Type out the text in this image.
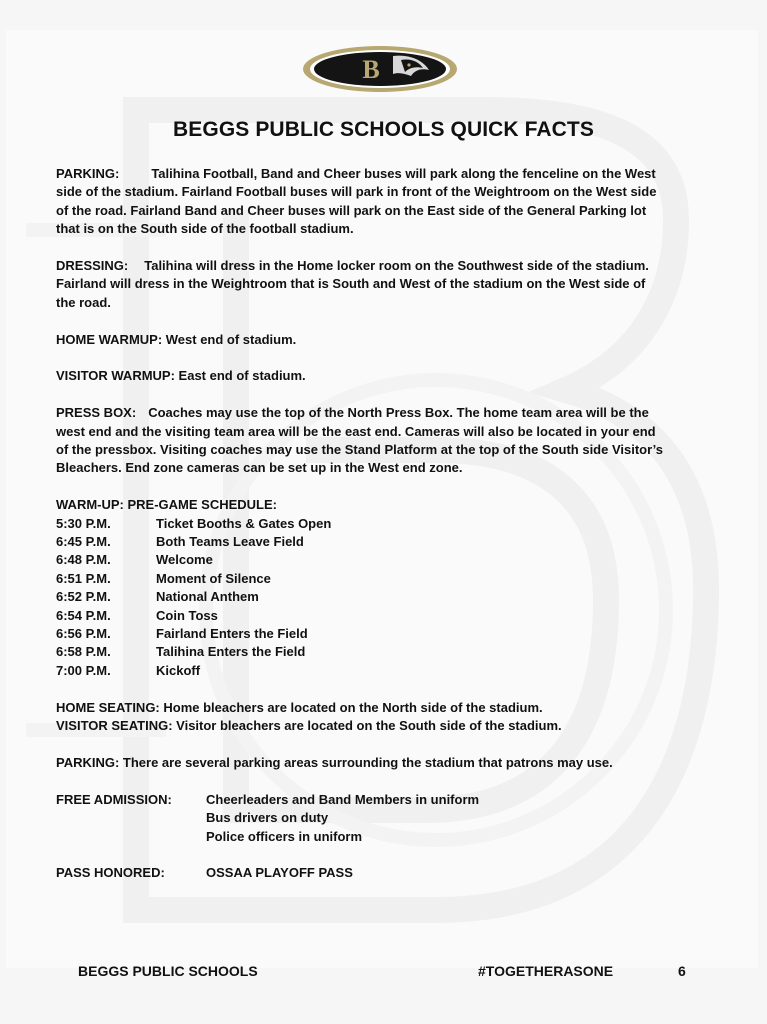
B
BEGGS PUBLIC SCHOOLS QUICK FACTS
PARKING: Talihina Football, Band and Cheer buses will park along the fenceline on the West
side of the stadium. Fairland Football buses will park in front of the Weightroom on the West side
of the road. Fairland Band and Cheer buses will park on the East side of the General Parking lot
that is on the South side of the football stadium.
DRESSING: Talihina will dress in the Home locker room on the Southwest side of the stadium.
Fairland will dress in the Weightroom that is South and West of the stadium on the West side of
the road.
HOME WARMUP: West end of stadium.
VISITOR WARMUP: East end of stadium.
PRESS BOX: Coaches may use the top of the North Press Box. The home team area will be the
west end and the visiting team area will be the east end. Cameras will also be located in your end
of the pressbox. Visiting coaches may use the Stand Platform at the top of the South side Visitor’s
Bleachers. End zone cameras can be set up in the West end zone.
WARM-UP: PRE-GAME SCHEDULE:
5:30 P.M.	Ticket Booths & Gates Open
6:45 P.M.	Both Teams Leave Field
6:48 P.M.	Welcome
6:51 P.M.	Moment of Silence
6:52 P.M.	National Anthem
6:54 P.M.	Coin Toss
6:56 P.M.	Fairland Enters the Field
6:58 P.M.	Talihina Enters the Field
7:00 P.M.	Kickoff
HOME SEATING: Home bleachers are located on the North side of the stadium.
VISITOR SEATING: Visitor bleachers are located on the South side of the stadium.
PARKING: There are several parking areas surrounding the stadium that patrons may use.
FREE ADMISSION:	Cheerleaders and Band Members in uniform
Bus drivers on duty
Police officers in uniform
PASS HONORED:	OSSAA PLAYOFF PASS
BEGGS PUBLIC SCHOOLS	#TOGETHERASONE	6
